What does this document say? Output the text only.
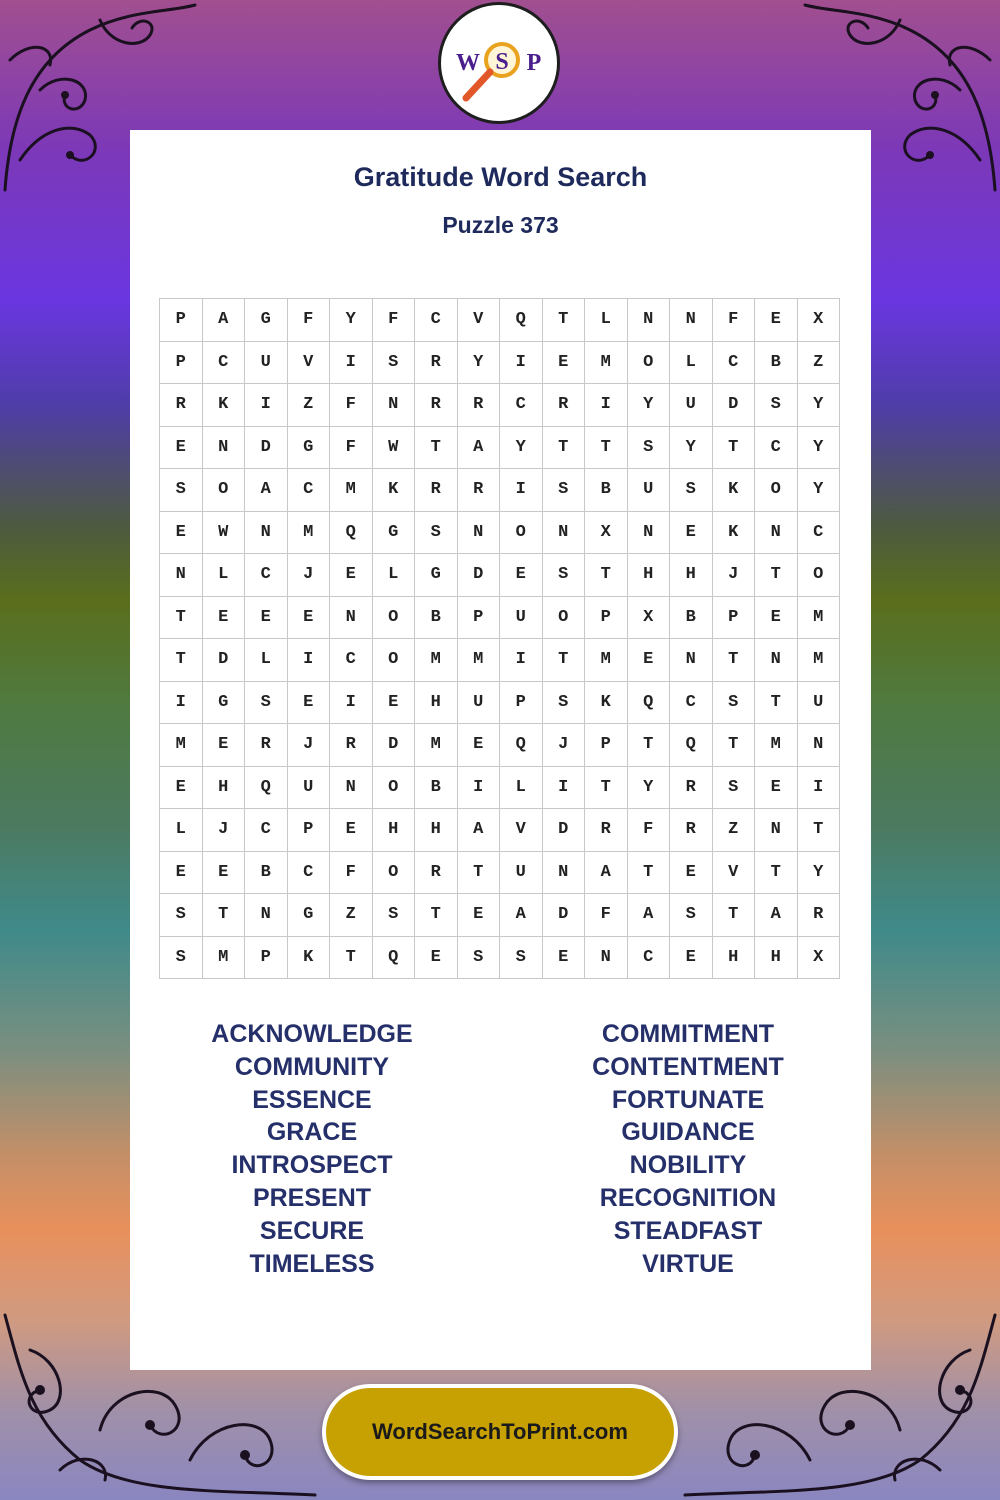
W S P
Gratitude Word Search
Puzzle 373
P	A	G	F	Y	F	C	V	Q	T	L	N	N	F	E	X
P	C	U	V	I	S	R	Y	I	E	M	O	L	C	B	Z
R	K	I	Z	F	N	R	R	C	R	I	Y	U	D	S	Y
E	N	D	G	F	W	T	A	Y	T	T	S	Y	T	C	Y
S	O	A	C	M	K	R	R	I	S	B	U	S	K	O	Y
E	W	N	M	Q	G	S	N	O	N	X	N	E	K	N	C
N	L	C	J	E	L	G	D	E	S	T	H	H	J	T	O
T	E	E	E	N	O	B	P	U	O	P	X	B	P	E	M
T	D	L	I	C	O	M	M	I	T	M	E	N	T	N	M
I	G	S	E	I	E	H	U	P	S	K	Q	C	S	T	U
M	E	R	J	R	D	M	E	Q	J	P	T	Q	T	M	N
E	H	Q	U	N	O	B	I	L	I	T	Y	R	S	E	I
L	J	C	P	E	H	H	A	V	D	R	F	R	Z	N	T
E	E	B	C	F	O	R	T	U	N	A	T	E	V	T	Y
S	T	N	G	Z	S	T	E	A	D	F	A	S	T	A	R
S	M	P	K	T	Q	E	S	S	E	N	C	E	H	H	X
ACKNOWLEDGE
COMMUNITY
ESSENCE
GRACE
INTROSPECT
PRESENT
SECURE
TIMELESS
COMMITMENT
CONTENTMENT
FORTUNATE
GUIDANCE
NOBILITY
RECOGNITION
STEADFAST
VIRTUE
WordSearchToPrint.com
